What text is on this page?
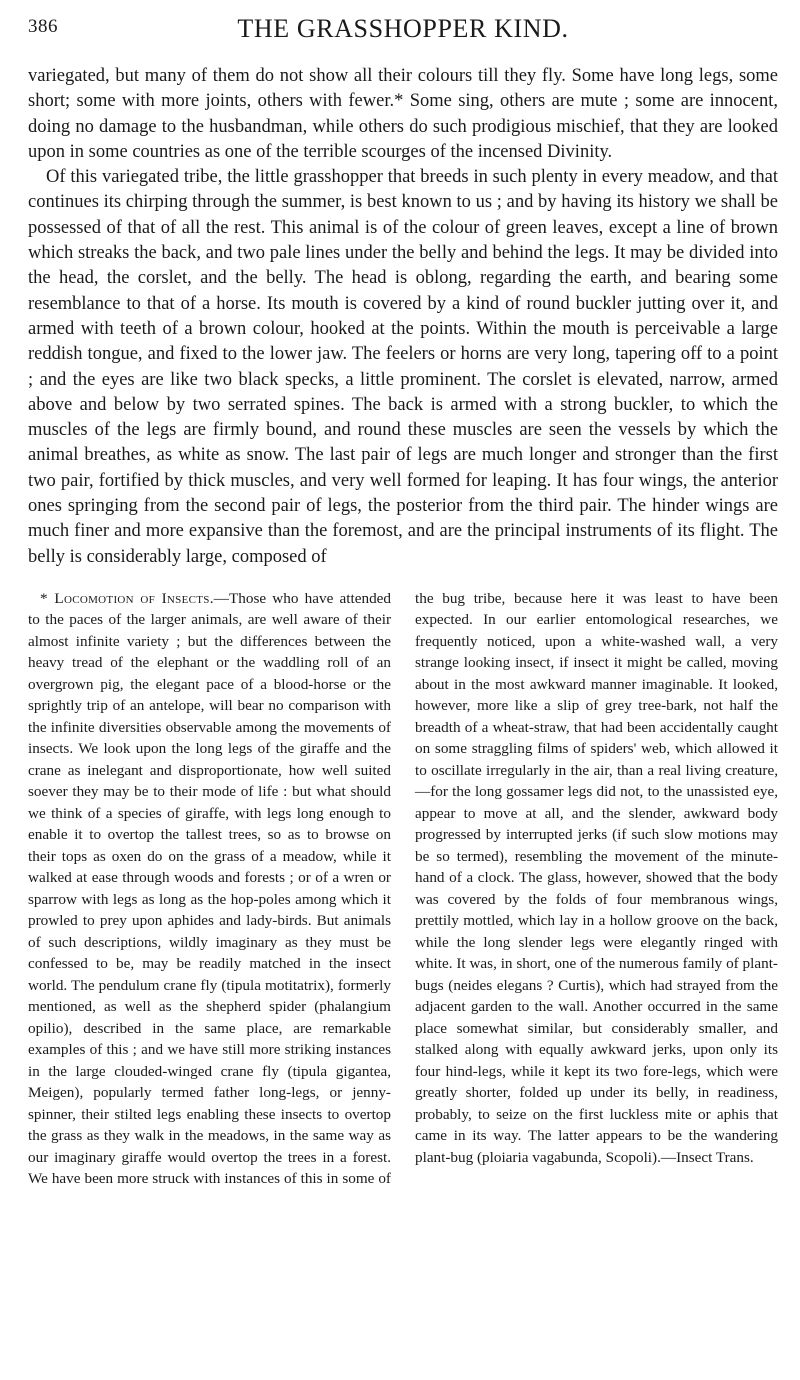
386	THE GRASSHOPPER KIND.

variegated, but many of them do not show all their colours till they fly. Some have long legs, some short; some with more joints, others with fewer.* Some sing, others are mute ; some are innocent, doing no damage to the husbandman, while others do such prodigious mischief, that they are looked upon in some countries as one of the terrible scourges of the incensed Divinity.

Of this variegated tribe, the little grasshopper that breeds in such plenty in every meadow, and that continues its chirping through the summer, is best known to us ; and by having its history we shall be possessed of that of all the rest. This animal is of the colour of green leaves, except a line of brown which streaks the back, and two pale lines under the belly and behind the legs. It may be divided into the head, the corslet, and the belly. The head is oblong, regarding the earth, and bearing some resemblance to that of a horse. Its mouth is covered by a kind of round buckler jutting over it, and armed with teeth of a brown colour, hooked at the points. Within the mouth is perceivable a large reddish tongue, and fixed to the lower jaw. The feelers or horns are very long, tapering off to a point ; and the eyes are like two black specks, a little prominent. The corslet is elevated, narrow, armed above and below by two serrated spines. The back is armed with a strong buckler, to which the muscles of the legs are firmly bound, and round these muscles are seen the vessels by which the animal breathes, as white as snow. The last pair of legs are much longer and stronger than the first two pair, fortified by thick muscles, and very well formed for leaping. It has four wings, the anterior ones springing from the second pair of legs, the posterior from the third pair. The hinder wings are much finer and more expansive than the foremost, and are the principal instruments of its flight. The belly is considerably large, composed of

* Locomotion of Insects.—Those who have attended to the paces of the larger animals, are well aware of their almost infinite variety ; but the differences between the heavy tread of the elephant or the waddling roll of an overgrown pig, the elegant pace of a blood-horse or the sprightly trip of an antelope, will bear no comparison with the infinite diversities observable among the movements of insects. We look upon the long legs of the giraffe and the crane as inelegant and disproportionate, how well suited soever they may be to their mode of life : but what should we think of a species of giraffe, with legs long enough to enable it to overtop the tallest trees, so as to browse on their tops as oxen do on the grass of a meadow, while it walked at ease through woods and forests ; or of a wren or sparrow with legs as long as the hop-poles among which it prowled to prey upon aphides and lady-birds. But animals of such descriptions, wildly imaginary as they must be confessed to be, may be readily matched in the insect world. The pendulum crane fly (tipula motitatrix), formerly mentioned, as well as the shepherd spider (phalangium opilio), described in the same place, are remarkable examples of this ; and we have still more striking instances in the large clouded-winged crane fly (tipula gigantea, Meigen), popularly termed father long-legs, or jenny-spinner, their stilted legs enabling these insects to overtop the grass as they walk in the meadows, in the same way as our imaginary giraffe would overtop the trees in a forest. We have been more struck with instances of this in some of the bug tribe, because here it was least to have been expected. In our earlier entomological researches, we frequently noticed, upon a white-washed wall, a very strange looking insect, if insect it might be called, moving about in the most awkward manner imaginable. It looked, however, more like a slip of grey tree-bark, not half the breadth of a wheat-straw, that had been accidentally caught on some straggling films of spiders' web, which allowed it to oscillate irregularly in the air, than a real living creature,—for the long gossamer legs did not, to the unassisted eye, appear to move at all, and the slender, awkward body progressed by interrupted jerks (if such slow motions may be so termed), resembling the movement of the minute-hand of a clock. The glass, however, showed that the body was covered by the folds of four membranous wings, prettily mottled, which lay in a hollow groove on the back, while the long slender legs were elegantly ringed with white. It was, in short, one of the numerous family of plant-bugs (neides elegans ? Curtis), which had strayed from the adjacent garden to the wall. Another occurred in the same place somewhat similar, but considerably smaller, and stalked along with equally awkward jerks, upon only its four hind-legs, while it kept its two fore-legs, which were greatly shorter, folded up under its belly, in readiness, probably, to seize on the first luckless mite or aphis that came in its way. The latter appears to be the wandering plant-bug (ploiaria vagabunda, Scopoli).—Insect Trans.
